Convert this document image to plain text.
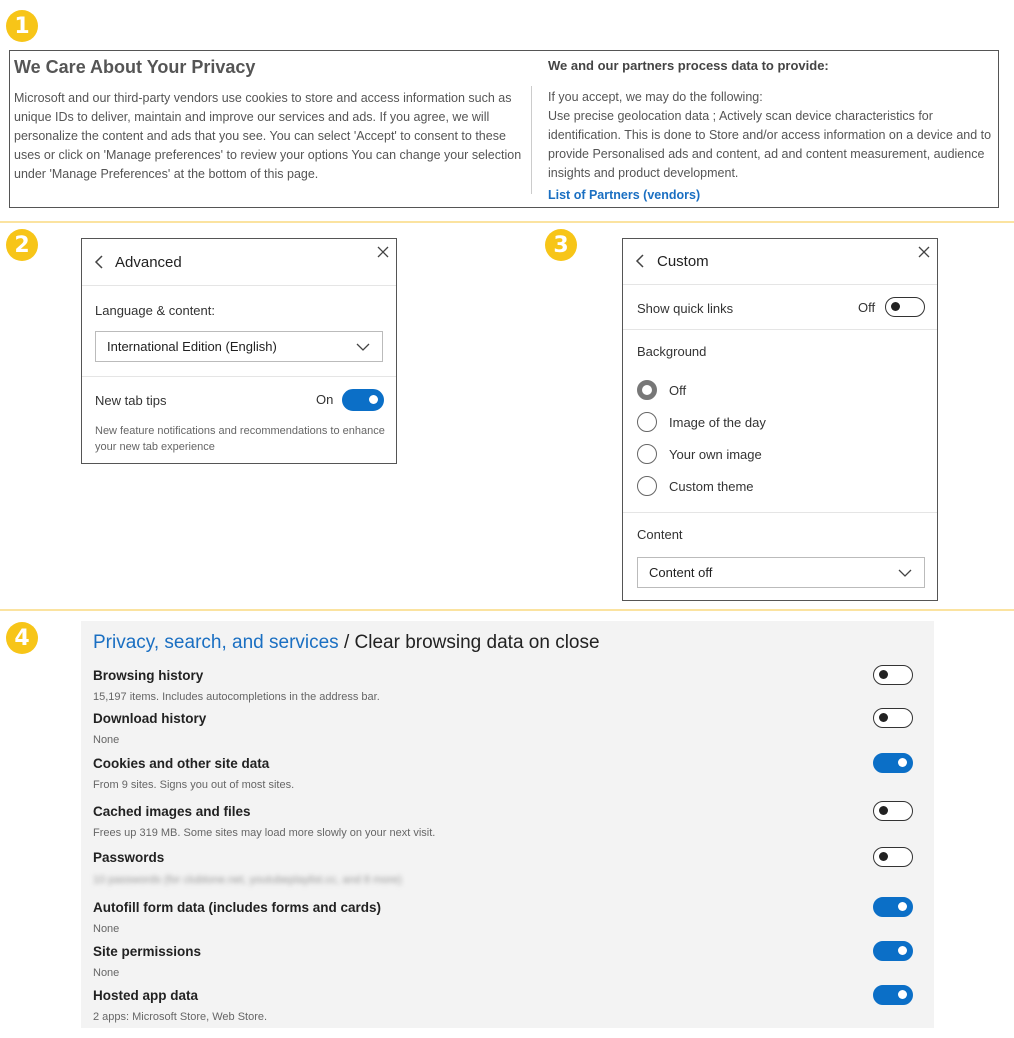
1
2	3
4
We Care About Your Privacy
Microsoft and our third-party vendors use cookies to store and access information such as unique IDs to deliver, maintain and improve our services and ads. If you agree, we will personalize the content and ads that you see. You can select 'Accept' to consent to these uses or click on 'Manage preferences' to review your options You can change your selection under 'Manage Preferences' at the bottom of this page.
We and our partners process data to provide:
If you accept, we may do the following:
Use precise geolocation data ; Actively scan device characteristics for identification. This is done to Store and/or access information on a device and to provide Personalised ads and content, ad and content measurement, audience insights and product development.
List of Partners (vendors)
Advanced
Language & content:
International Edition (English)
New tab tips	On
New feature notifications and recommendations to enhance your new tab experience
Custom
Show quick links	Off
Background
Off
Image of the day
Your own image
Custom theme
Content
Content off
Privacy, search, and services / Clear browsing data on close
Browsing history
15,197 items. Includes autocompletions in the address bar.
Download history
None
Cookies and other site data
From 9 sites. Signs you out of most sites.
Cached images and files
Frees up 319 MB. Some sites may load more slowly on your next visit.
Passwords
10 passwords (for clubtone.net, youtubeplaylist.cc, and 8 more)
Autofill form data (includes forms and cards)
None
Site permissions
None
Hosted app data
2 apps: Microsoft Store, Web Store.
